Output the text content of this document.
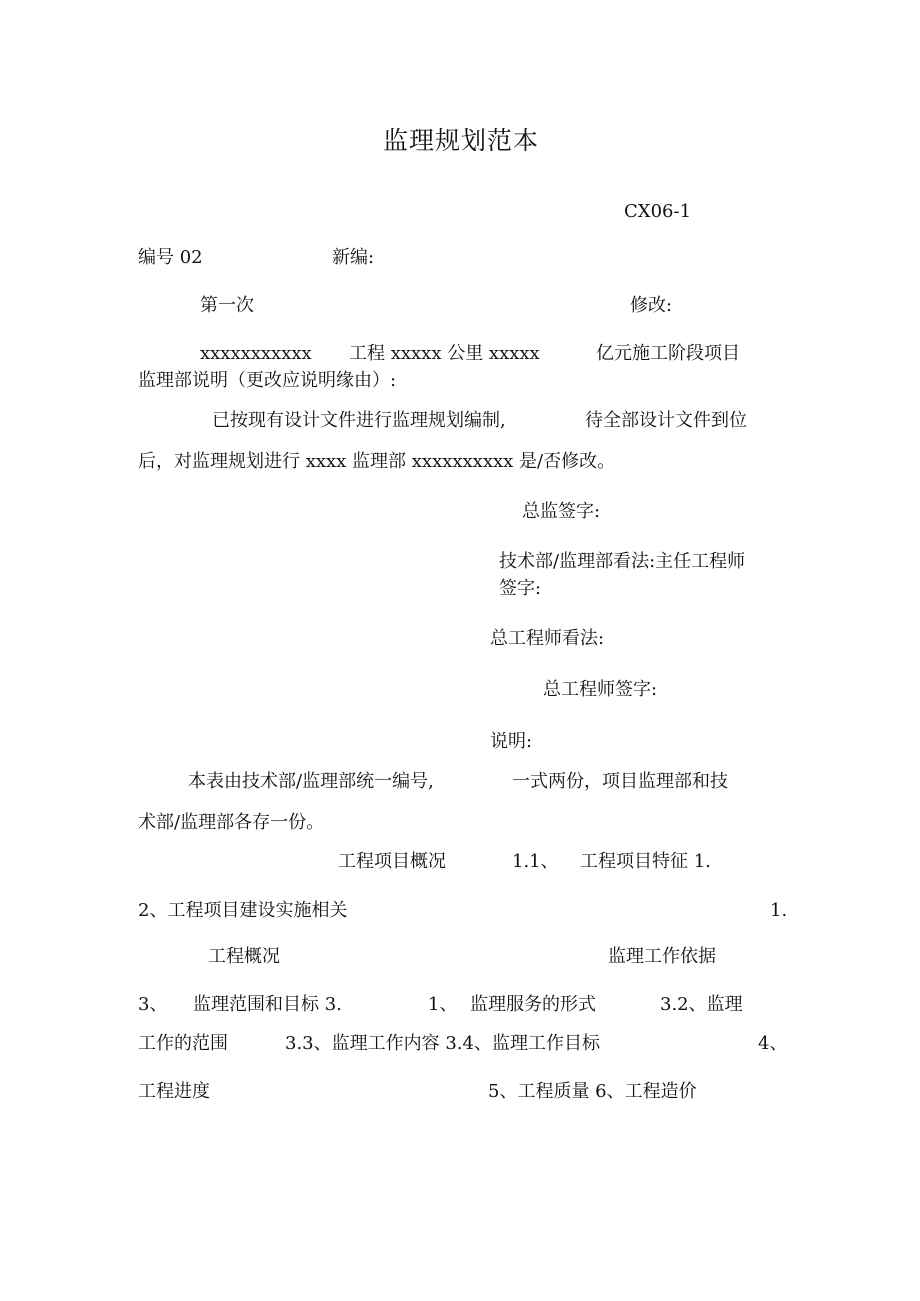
监理规划范本
CX06-1
编号 02	新编:
第一次	修改:
xxxxxxxxxxx 工程 xxxxx 公里 xxxxx	亿元施工阶段项目
监理部说明（更改应说明缘由）:
已按现有设计文件进行监理规划编制,	待全部设计文件到位
后，对监理规划进行 xxxx 监理部 xxxxxxxxxx 是/否修改。
总监签字:
技术部/监理部看法:主任工程师
签字:
总工程师看法:
总工程师签字:
说明:
本表由技术部/监理部统一编号,	一式两份，项目监理部和技
术部/监理部各存一份。
工程项目概况	1.1、 工程项目特征 1.
2、工程项目建设实施相关	1.
工程概况	监理工作依据
3、 监理范围和目标 3.	1、 监理服务的形式	3.2、监理
工作的范围	3.3、监理工作内容 3.4、监理工作目标	4、
工程进度	5、工程质量 6、工程造价
